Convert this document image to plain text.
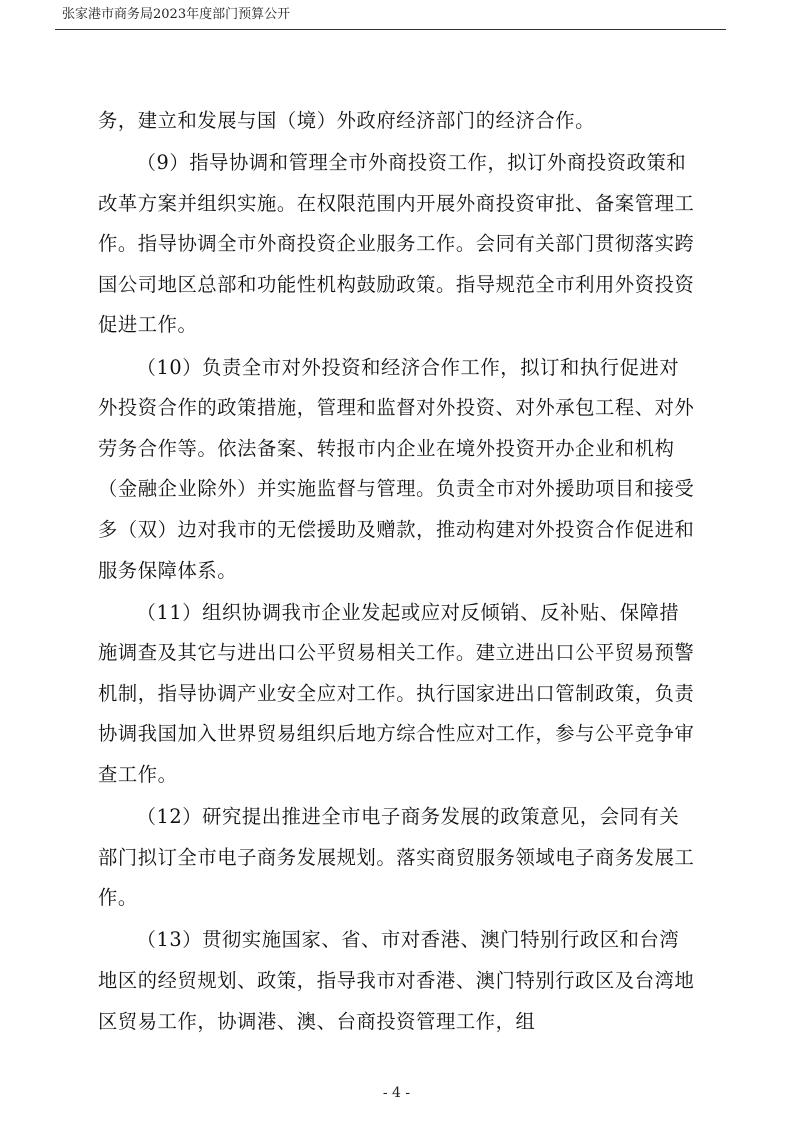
张家港市商务局2023年度部门预算公开

务，建立和发展与国（境）外政府经济部门的经济合作。

（9）指导协调和管理全市外商投资工作，拟订外商投资政策和改革方案并组织实施。在权限范围内开展外商投资审批、备案管理工作。指导协调全市外商投资企业服务工作。会同有关部门贯彻落实跨国公司地区总部和功能性机构鼓励政策。指导规范全市利用外资投资促进工作。

（10）负责全市对外投资和经济合作工作，拟订和执行促进对外投资合作的政策措施，管理和监督对外投资、对外承包工程、对外劳务合作等。依法备案、转报市内企业在境外投资开办企业和机构（金融企业除外）并实施监督与管理。负责全市对外援助项目和接受多（双）边对我市的无偿援助及赠款，推动构建对外投资合作促进和服务保障体系。

（11）组织协调我市企业发起或应对反倾销、反补贴、保障措施调查及其它与进出口公平贸易相关工作。建立进出口公平贸易预警机制，指导协调产业安全应对工作。执行国家进出口管制政策，负责协调我国加入世界贸易组织后地方综合性应对工作，参与公平竞争审查工作。

（12）研究提出推进全市电子商务发展的政策意见，会同有关部门拟订全市电子商务发展规划。落实商贸服务领域电子商务发展工作。

（13）贯彻实施国家、省、市对香港、澳门特别行政区和台湾地区的经贸规划、政策，指导我市对香港、澳门特别行政区及台湾地区贸易工作，协调港、澳、台商投资管理工作，组

- 4 -
